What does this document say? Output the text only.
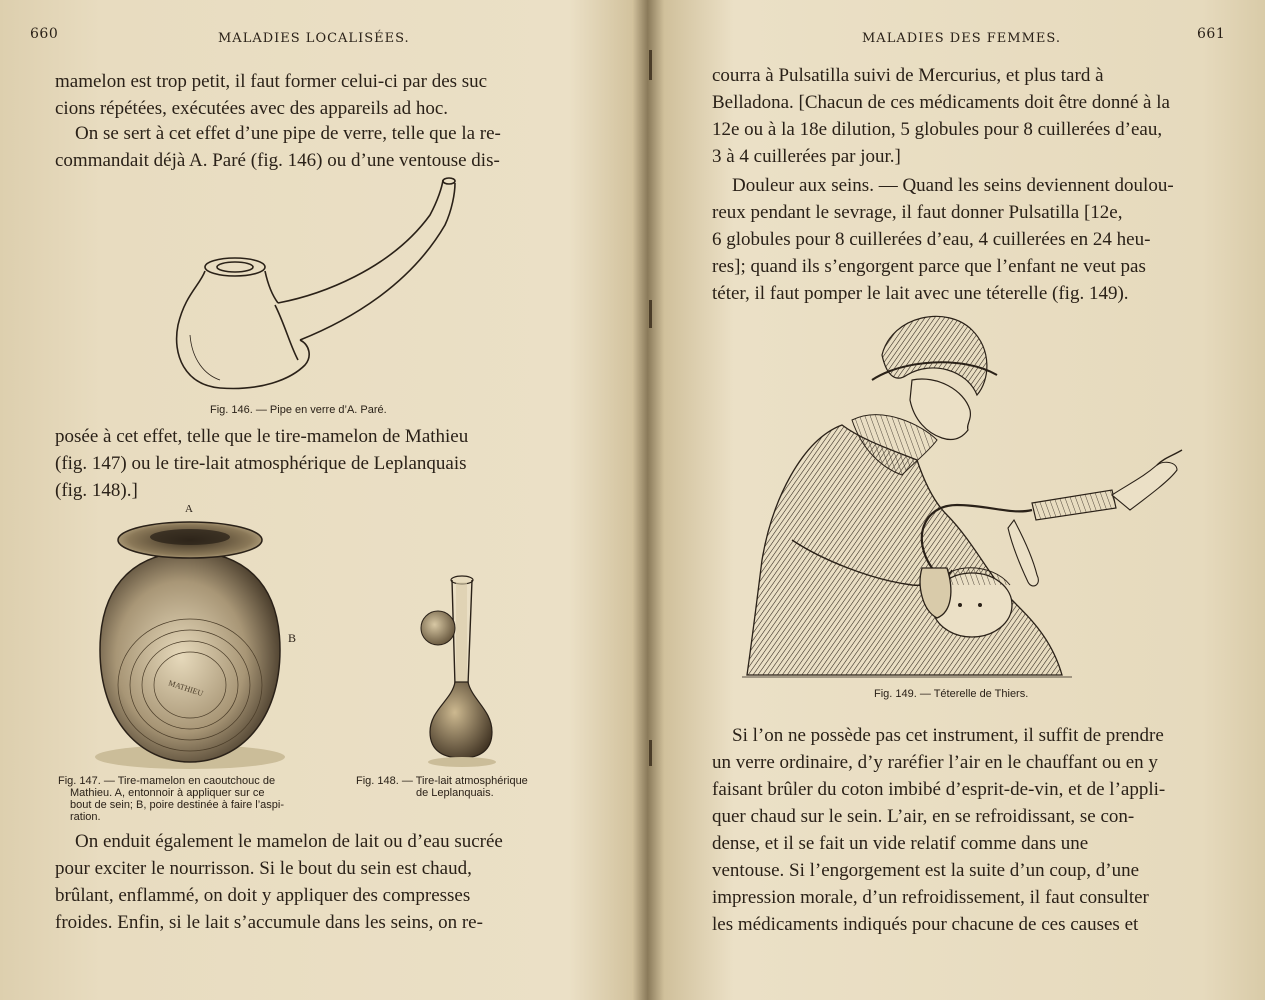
660	MALADIES LOCALISÉES.
mamelon est trop petit, il faut former celui-ci par des suc
cions répétées, exécutées avec des appareils ad hoc.
On se sert à cet effet d’une pipe de verre, telle que la re-
commandait déjà A. Paré (fig. 146) ou d’une ventouse dis-
Fig. 146. — Pipe en verre d’A. Paré.
posée à cet effet, telle que le tire-mamelon de Mathieu
(fig. 147) ou le tire-lait atmosphérique de Leplanquais
(fig. 148).]
A
MATHIEU
B
Fig. 147. — Tire-mamelon en caoutchouc de
Mathieu. A, entonnoir à appliquer sur ce
bout de sein; B, poire destinée à faire l’aspi-
ration.
Fig. 148. — Tire-lait atmosphérique
de Leplanquais.
On enduit également le mamelon de lait ou d’eau sucrée
pour exciter le nourrisson. Si le bout du sein est chaud,
brûlant, enflammé, on doit y appliquer des compresses
froides. Enfin, si le lait s’accumule dans les seins, on re-
MALADIES DES FEMMES.	661
courra à Pulsatilla suivi de Mercurius, et plus tard à
Belladona. [Chacun de ces médicaments doit être donné à la
12e ou à la 18e dilution, 5 globules pour 8 cuillerées d’eau,
3 à 4 cuillerées par jour.]
Douleur aux seins. — Quand les seins deviennent doulou-
reux pendant le sevrage, il faut donner Pulsatilla [12e,
6 globules pour 8 cuillerées d’eau, 4 cuillerées en 24 heu-
res]; quand ils s’engorgent parce que l’enfant ne veut pas
téter, il faut pomper le lait avec une téterelle (fig. 149).
Fig. 149. — Téterelle de Thiers.
Si l’on ne possède pas cet instrument, il suffit de prendre
un verre ordinaire, d’y raréfier l’air en le chauffant ou en y
faisant brûler du coton imbibé d’esprit-de-vin, et de l’appli-
quer chaud sur le sein. L’air, en se refroidissant, se con-
dense, et il se fait un vide relatif comme dans une
ventouse. Si l’engorgement est la suite d’un coup, d’une
impression morale, d’un refroidissement, il faut consulter
les médicaments indiqués pour chacune de ces causes et
